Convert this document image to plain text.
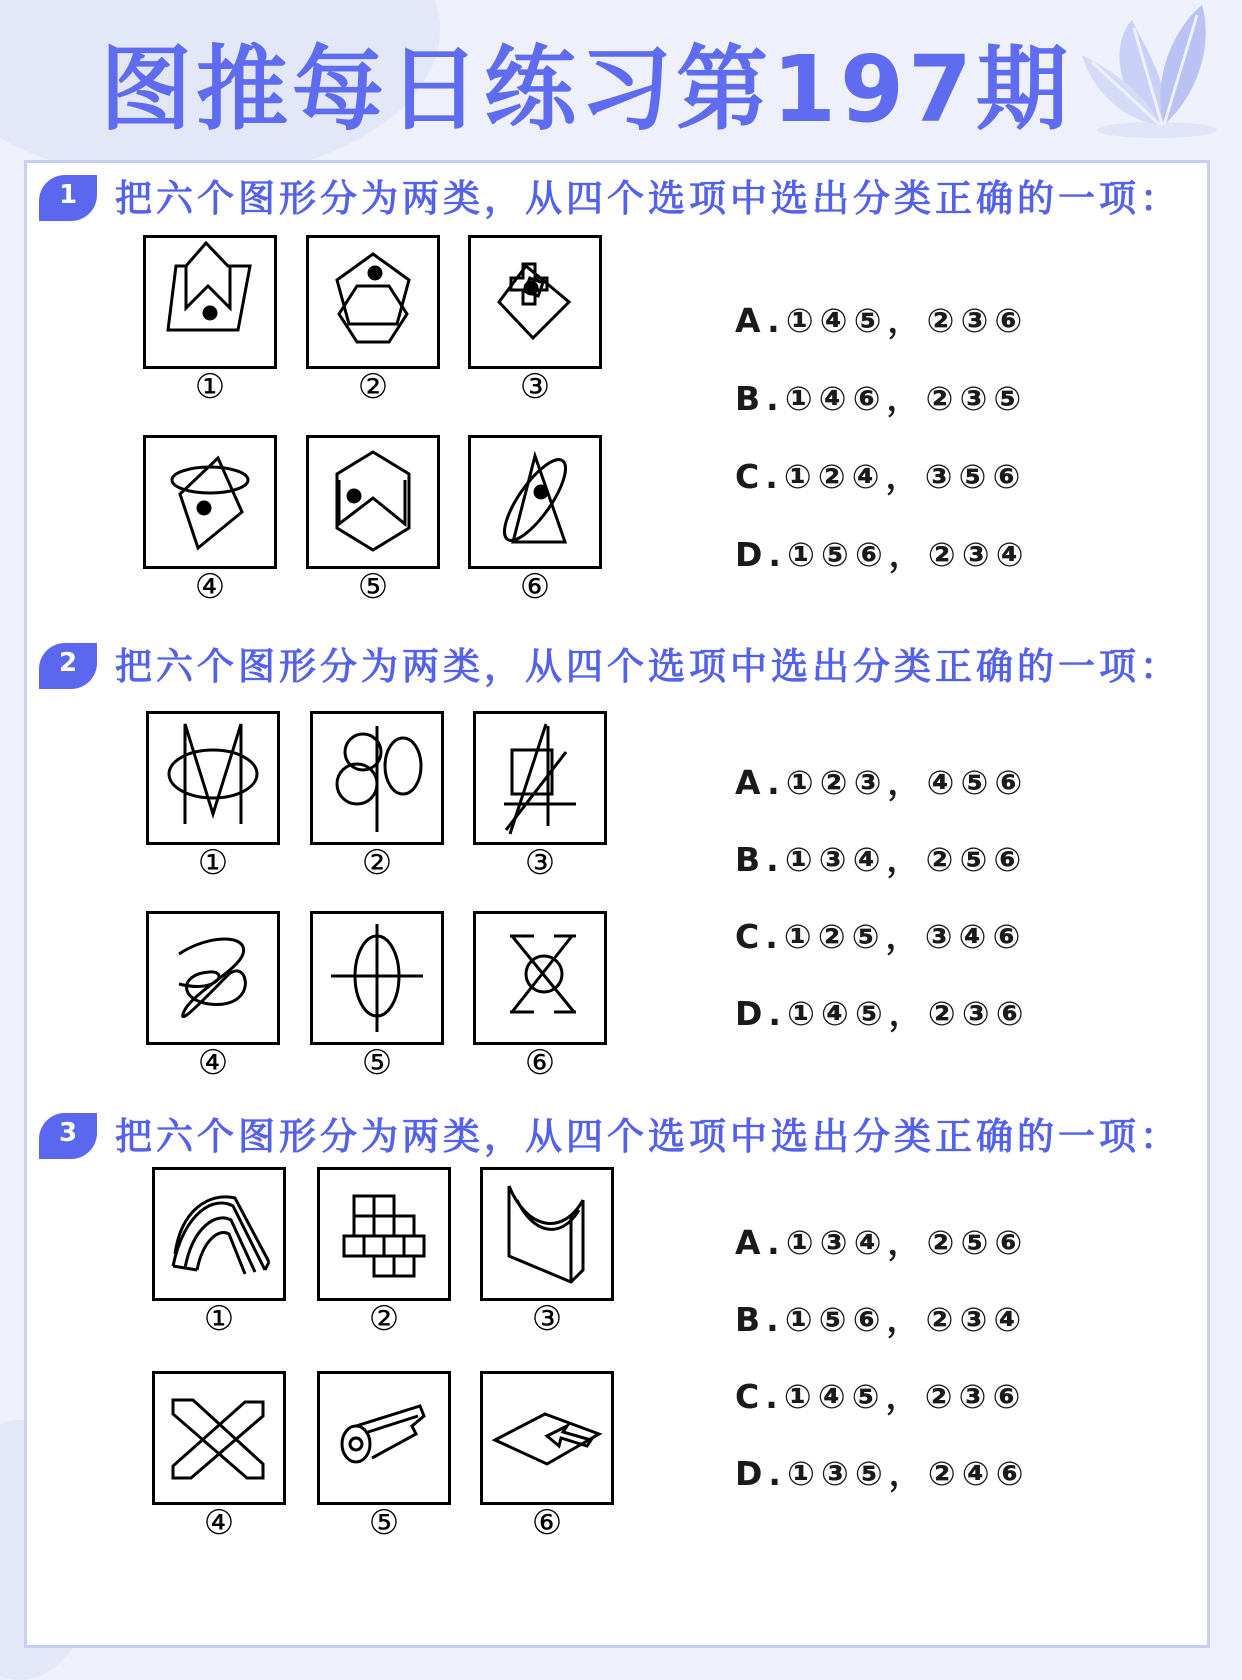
图推每日练习第197期
1	把六个图形分为两类，从四个选项中选出分类正确的一项：
①	②	③
④	⑤	⑥
A.①④⑤，②③⑥
B.①④⑥，②③⑤
C.①②④，③⑤⑥
D.①⑤⑥，②③④
2	把六个图形分为两类，从四个选项中选出分类正确的一项：
①	②	③
④	⑤	⑥
A.①②③，④⑤⑥
B.①③④，②⑤⑥
C.①②⑤，③④⑥
D.①④⑤，②③⑥
3	把六个图形分为两类，从四个选项中选出分类正确的一项：
①	②	③
④	⑤	⑥
A.①③④，②⑤⑥
B.①⑤⑥，②③④
C.①④⑤，②③⑥
D.①③⑤，②④⑥
